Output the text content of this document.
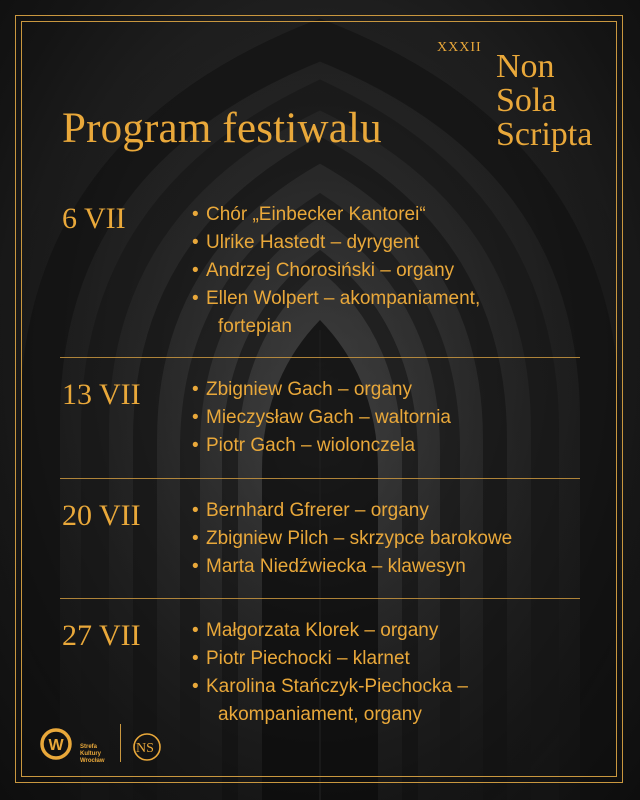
XXXII
Non
Sola
Scripta
Program festiwalu
6 VII	• Chór „Einbecker Kantorei“
• Ulrike Hastedt – dyrygent
• Andrzej Chorosiński – organy
• Ellen Wolpert – akompaniament,
fortepian
13 VII	• Zbigniew Gach – organy
• Mieczysław Gach – waltornia
• Piotr Gach – wiolonczela
20 VII	• Bernhard Gfrerer – organy
• Zbigniew Pilch – skrzypce barokowe
• Marta Niedźwiecka – klawesyn
27 VII	• Małgorzata Klorek – organy
• Piotr Piechocki – klarnet
• Karolina Stańczyk-Piechocka –
akompaniament, organy
W	Strefa
Kultury
Wrocław
NS
